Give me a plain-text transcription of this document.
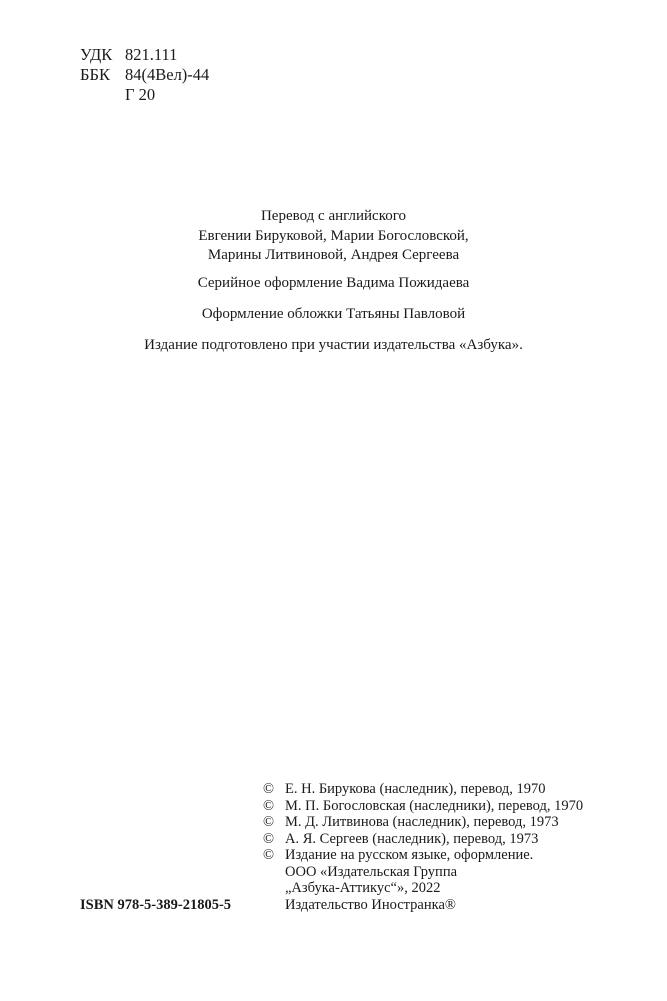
УДК 821.111
ББК 84(4Вел)-44
Г 20
Перевод с английского
Евгении Бируковой, Марии Богословской,
Марины Литвиновой, Андрея Сергеева
Серийное оформление Вадима Пожидаева
Оформление обложки Татьяны Павловой
Издание подготовлено при участии издательства «Азбука».
© Е. Н. Бирукова (наследник), перевод, 1970
© М. П. Богословская (наследники), перевод, 1970
© М. Д. Литвинова (наследник), перевод, 1973
© А. Я. Сергеев (наследник), перевод, 1973
© Издание на русском языке, оформление.
ООО «Издательская Группа
„Азбука-Аттикус“», 2022
Издательство Иностранка®
ISBN 978-5-389-21805-5
